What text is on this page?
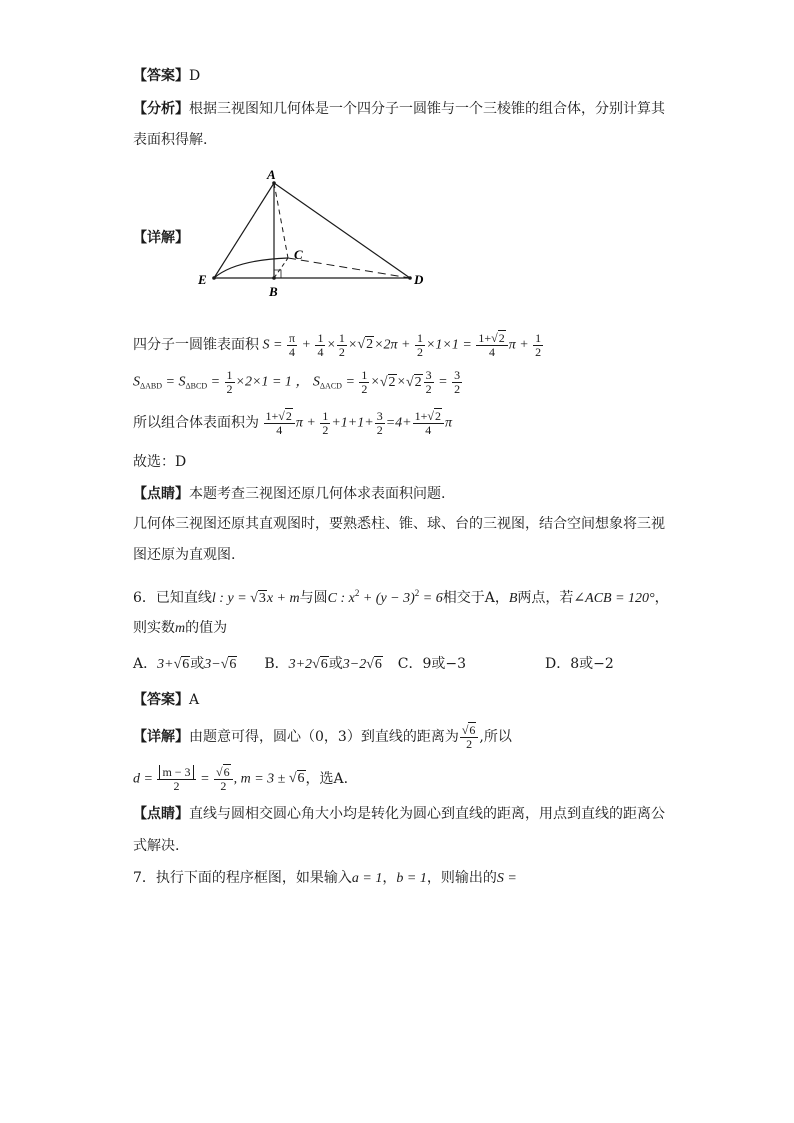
【答案】D
【分析】根据三视图知几何体是一个四分子一圆锥与一个三棱锥的组合体，分别计算其
表面积得解.
【详解】
A
B
C
D
E
四分子一圆锥表面积 $S = \frac{\pi}{4} + \frac{1}{4} \times \frac{1}{2} \times√2\times 2\pi + \frac{1}{2} \times 1\times 1 = \frac{1+√2}{4}$ $\pi + \frac{1}{2}$
$S_{\Delta ABD} = S_{\Delta BCD} = \frac{1}{2} \times 2\times 1 = 1$ ， $S_{\Delta ACD} = \frac{1}{2} \times√2\times√2 \frac{3}{2} = \frac{3}{2}$
所以组合体表面积为
$\frac{1+√2}{4}$ $\pi + \frac{1}{2} +1+1+ \frac{3}{2} =4+ \frac{1+√2}{4}$ π
故选：D
【点睛】本题考查三视图还原几何体求表面积问题.
几何体三视图还原其直观图时，要熟悉柱、锥、球、台的三视图，结合空间想象将三视
图还原为直观图.
6．已知直线l : y = √3x + m与圆C : $x^2 + (y - 3)^2 = 6$相交于A，B两点，若∠ACB = 120°，
则实数m的值为
A．3+√6或3−√6 B．3+2√6或3−2√6 C．9或−3	D．8或−2
【答案】A
【详解】 由题意可得，圆心（0，3）到直线的距离为 $\frac{√6}{2}$ ,所以
$d = \frac{m - 3}{2} = \frac{√6}{2}$ , m = 3 ± √6 ，选A.
【点睛】直线与圆相交圆心角大小均是转化为圆心到直线的距离，用点到直线的距离公
式解决.
7．执行下面的程序框图，如果输入a = 1，b = 1，则输出的S =
